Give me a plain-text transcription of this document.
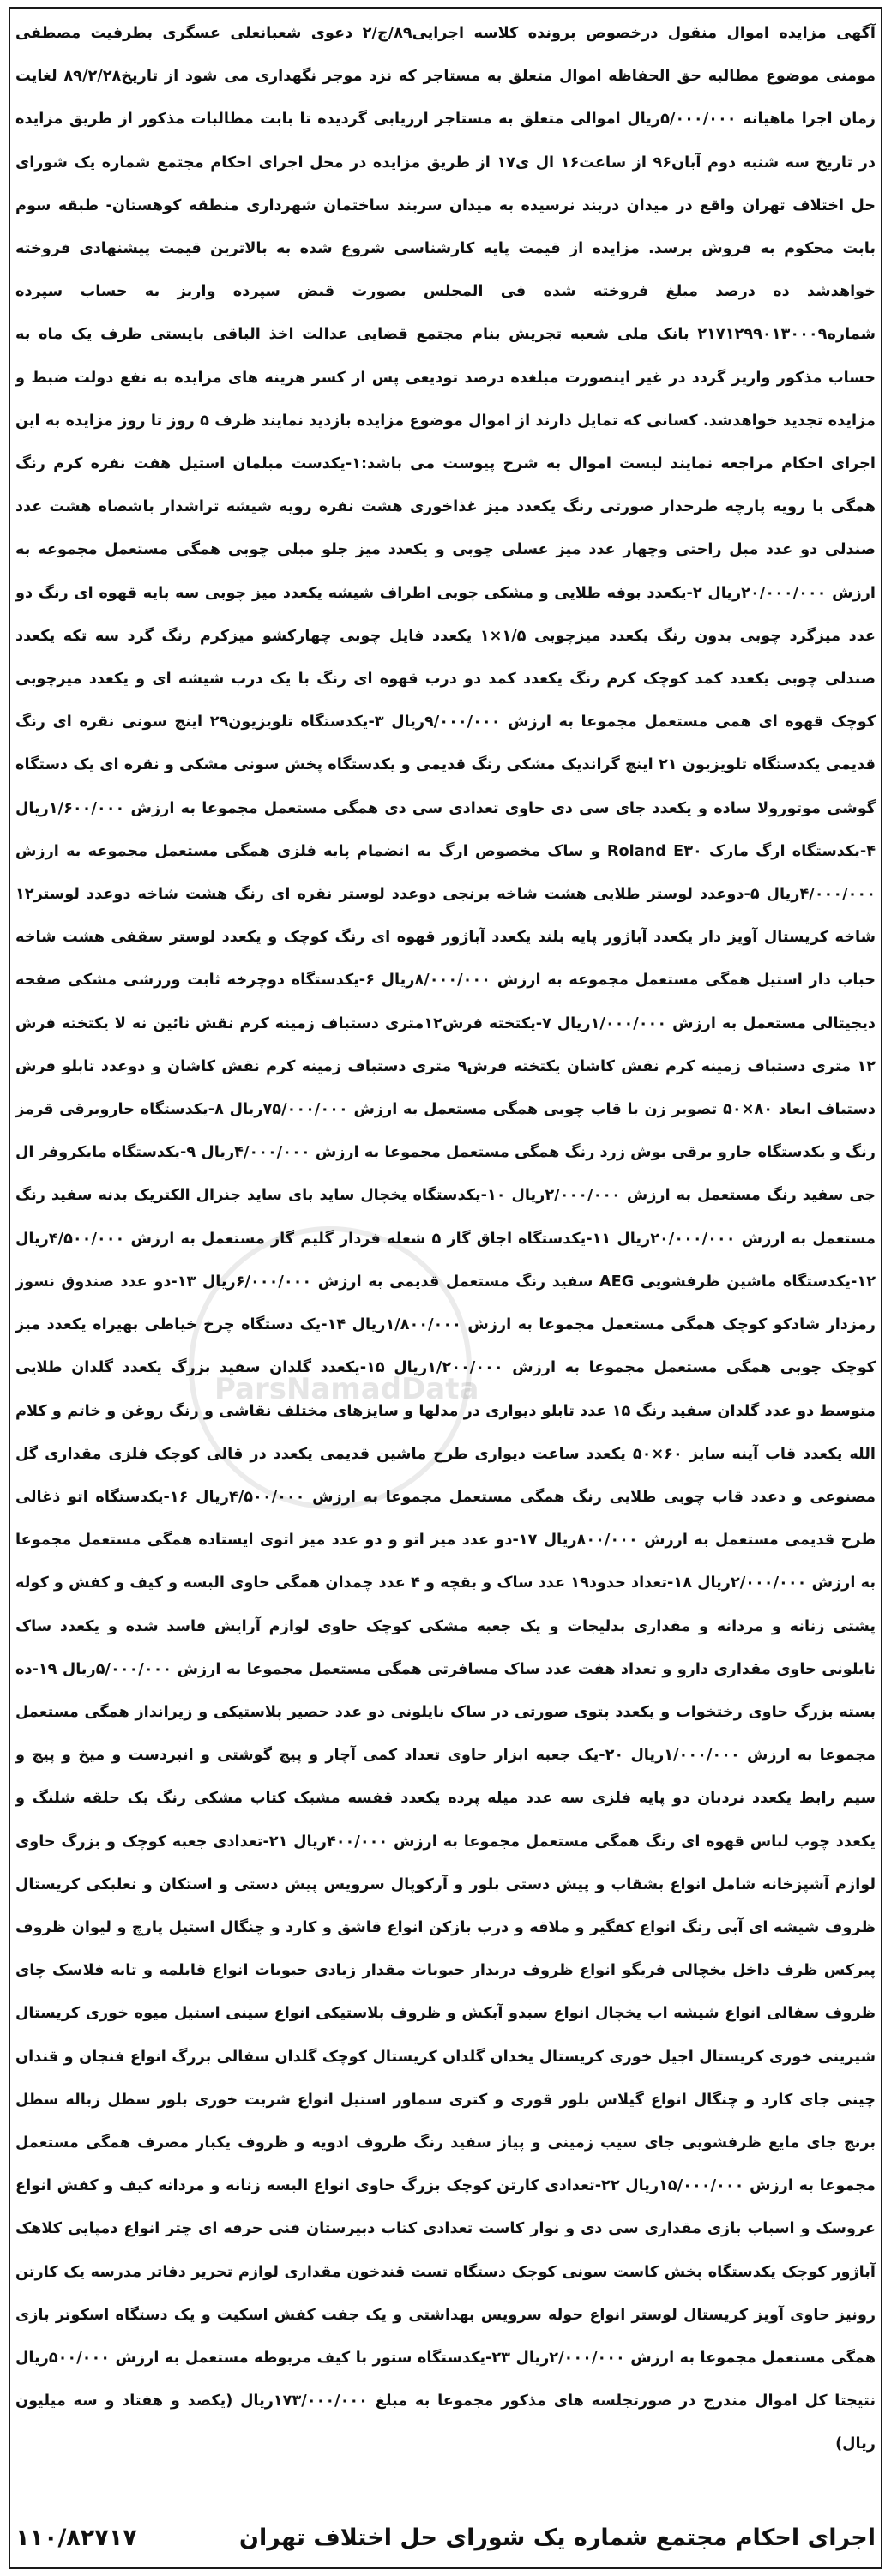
ParsNamadData

آگهی مزایده اموال منقول درخصوص پرونده کلاسه اجرایی۸۹/ج/۲ دعوی شعبانعلی عسگری بطرفیت مصطفی مومنی موضوع مطالبه حق الحفاظه اموال متعلق به مستاجر که نزد موجر نگهداری می شود از تاریخ۸۹/۲/۲۸ لغایت زمان اجرا ماهیانه ۵/۰۰۰/۰۰۰ریال اموالی متعلق به مستاجر ارزیابی گردیده تا بابت مطالبات مذکور از طریق مزایده در تاریخ سه شنبه دوم آبان۹۶ از ساعت۱۶ ال ی۱۷ از طریق مزایده در محل اجرای احکام مجتمع شماره یک شورای حل اختلاف تهران واقع در میدان دربند نرسیده به میدان سربند ساختمان شهرداری منطقه کوهستان- طبقه سوم بابت محکوم به فروش برسد. مزایده از قیمت پایه کارشناسی شروع شده به بالاترین قیمت پیشنهادی فروخته خواهدشد ده درصد مبلغ فروخته شده فی المجلس بصورت قبض سپرده واریز به حساب سپرده شماره۲۱۷۱۲۹۹۰۱۳۰۰۰۹ بانک ملی شعبه تجریش بنام مجتمع قضایی عدالت اخذ الباقی بایستی ظرف یک ماه به حساب مذکور واریز گردد در غیر اینصورت مبلغده درصد تودیعی پس از کسر هزینه های مزایده به نفع دولت ضبط و مزایده تجدید خواهدشد. کسانی که تمایل دارند از اموال موضوع مزایده بازدید نمایند ظرف ۵ روز تا روز مزایده به این اجرای احکام مراجعه نمایند لیست اموال به شرح پیوست می باشد:۱-یکدست مبلمان استیل هفت نفره کرم رنگ همگی با رویه پارچه طرحدار صورتی رنگ یکعدد میز غذاخوری هشت نفره رویه شیشه تراشدار باشصاه هشت عدد صندلی دو عدد مبل راحتی وچهار عدد میز عسلی چوبی و یکعدد میز جلو مبلی چوبی همگی مستعمل مجموعه به ارزش ۲۰/۰۰۰/۰۰۰ریال ۲-یکعدد بوفه طلایی و مشکی چوبی اطراف شیشه یکعدد میز چوبی سه پایه قهوه ای رنگ دو عدد میزگرد چوبی بدون رنگ یکعدد میزچوبی ۱/۵×۱ یکعدد فایل چوبی چهارکشو میزکرم رنگ گرد سه تکه یکعدد صندلی چوبی یکعدد کمد کوچک کرم رنگ یکعدد کمد دو درب قهوه ای رنگ با یک درب شیشه ای و یکعدد میزچوبی کوچک قهوه ای همی مستعمل مجموعا به ارزش ۹/۰۰۰/۰۰۰ریال ۳-یکدستگاه تلویزیون۲۹ اینچ سونی نقره ای رنگ قدیمی یکدستگاه تلویزیون ۲۱ اینچ گراندیک مشکی رنگ قدیمی و یکدستگاه پخش سونی مشکی و نقره ای یک دستگاه گوشی موتورولا ساده و یکعدد جای سی دی حاوی تعدادی سی دی همگی مستعمل مجموعا به ارزش ۱/۶۰۰/۰۰۰ریال ۴-یکدستگاه ارگ مارک Roland E۳۰ و ساک مخصوص ارگ به انضمام پایه فلزی همگی مستعمل مجموعه به ارزش ۴/۰۰۰/۰۰۰ریال ۵-دوعدد لوستر طلایی هشت شاخه برنجی دوعدد لوستر نقره ای رنگ هشت شاخه دوعدد لوستر۱۲ شاخه کریستال آویز دار یکعدد آباژور پایه بلند یکعدد آباژور قهوه ای رنگ کوچک و یکعدد لوستر سقفی هشت شاخه حباب دار استیل همگی مستعمل مجموعه به ارزش ۸/۰۰۰/۰۰۰ریال ۶-یکدستگاه دوچرخه ثابت ورزشی مشکی صفحه دیجیتالی مستعمل به ارزش ۱/۰۰۰/۰۰۰ریال ۷-یکتخته فرش۱۲متری دستباف زمینه کرم نقش نائین نه لا یکتخته فرش ۱۲ متری دستباف زمینه کرم نقش کاشان یکتخته فرش۹ متری دستباف زمینه کرم نقش کاشان و دوعدد تابلو فرش دستباف ابعاد ۸۰×۵۰ تصویر زن با قاب چوبی همگی مستعمل به ارزش ۷۵/۰۰۰/۰۰۰ریال ۸-یکدستگاه جاروبرقی قرمز رنگ و یکدستگاه جارو برقی بوش زرد رنگ همگی مستعمل مجموعا به ارزش ۴/۰۰۰/۰۰۰ریال ۹-یکدستگاه مایکروفر ال جی سفید رنگ مستعمل به ارزش ۲/۰۰۰/۰۰۰ریال ۱۰-یکدستگاه یخچال ساید بای ساید جنرال الکتریک بدنه سفید رنگ مستعمل به ارزش ۲۰/۰۰۰/۰۰۰ریال ۱۱-یکدستگاه اجاق گاز ۵ شعله فردار گلیم گاز مستعمل به ارزش ۴/۵۰۰/۰۰۰ریال ۱۲-یکدستگاه ماشین ظرفشویی AEG سفید رنگ مستعمل قدیمی به ارزش ۶/۰۰۰/۰۰۰ریال ۱۳-دو عدد صندوق نسوز رمزدار شادکو کوچک همگی مستعمل مجموعا به ارزش ۱/۸۰۰/۰۰۰ریال ۱۴-یک دستگاه چرخ خیاطی بهیراه یکعدد میز کوچک چوبی همگی مستعمل مجموعا به ارزش ۱/۲۰۰/۰۰۰ریال ۱۵-یکعدد گلدان سفید بزرگ یکعدد گلدان طلایی متوسط دو عدد گلدان سفید رنگ ۱۵ عدد تابلو دیواری در مدلها و سایزهای مختلف نقاشی و رنگ روغن و خاتم و کلام الله یکعدد قاب آینه سایز ۶۰×۵۰ یکعدد ساعت دیواری طرح ماشین قدیمی یکعدد در قالی کوچک فلزی مقداری گل مصنوعی و دعدد قاب چوبی طلایی رنگ همگی مستعمل مجموعا به ارزش ۴/۵۰۰/۰۰۰ریال ۱۶-یکدستگاه اتو ذغالی طرح قدیمی مستعمل به ارزش ۸۰۰/۰۰۰ریال ۱۷-دو عدد میز اتو و دو عدد میز اتوی ایستاده همگی مستعمل مجموعا به ارزش ۲/۰۰۰/۰۰۰ریال ۱۸-تعداد حدود۱۹ عدد ساک و بقچه و ۴ عدد چمدان همگی حاوی البسه و کیف و کفش و کوله پشتی زنانه و مردانه و مقداری بدلیجات و یک جعبه مشکی کوچک حاوی لوازم آرایش فاسد شده و یکعدد ساک نایلونی حاوی مقداری دارو و تعداد هفت عدد ساک مسافرتی همگی مستعمل مجموعا به ارزش ۵/۰۰۰/۰۰۰ریال ۱۹-ده بسته بزرگ حاوی رختخواب و یکعدد پتوی صورتی در ساک نایلونی دو عدد حصیر پلاستیکی و زیرانداز همگی مستعمل مجموعا به ارزش ۱/۰۰۰/۰۰۰ریال ۲۰-یک جعبه ابزار حاوی تعداد کمی آچار و پیچ گوشتی و انبردست و میخ و پیچ و سیم رابط یکعدد نردبان دو پایه فلزی سه عدد میله پرده یکعدد قفسه مشبک کتاب مشکی رنگ یک حلقه شلنگ و یکعدد چوب لباس قهوه ای رنگ همگی مستعمل مجموعا به ارزش ۴۰۰/۰۰۰ریال ۲۱-تعدادی جعبه کوچک و بزرگ حاوی لوازم آشپزخانه شامل انواع بشقاب و پیش دستی بلور و آرکوپال سرویس پیش دستی و استکان و نعلبکی کریستال ظروف شیشه ای آبی رنگ انواع کفگیر و ملاقه و درب بازکن انواع قاشق و کارد و چنگال استیل پارچ و لیوان ظروف پیرکس ظرف داخل یخچالی فریگو انواع ظروف دربدار حبوبات مقدار زیادی حبوبات انواع قابلمه و تابه فلاسک چای ظروف سفالی انواع شیشه اب یخچال انواع سبدو آبکش و ظروف پلاستیکی انواع سینی استیل میوه خوری کریستال شیرینی خوری کریستال اجیل خوری کریستال یخدان گلدان کریستال کوچک گلدان سفالی بزرگ انواع فنجان و قندان چینی جای کارد و چنگال انواع گیلاس بلور قوری و کتری سماور استیل انواع شربت خوری بلور سطل زباله سطل برنج جای مایع ظرفشویی جای سیب زمینی و پیاز سفید رنگ ظروف ادویه و ظروف یکبار مصرف همگی مستعمل مجموعا به ارزش ۱۵/۰۰۰/۰۰۰ریال ۲۲-تعدادی کارتن کوچک بزرگ حاوی انواع البسه زنانه و مردانه کیف و کفش انواع عروسک و اسباب بازی مقداری سی دی و نوار کاست تعدادی کتاب دبیرستان فنی حرفه ای چتر انواع دمپایی کلاهک آباژور کوچک یکدستگاه پخش کاست سونی کوچک دستگاه تست قندخون مقداری لوازم تحریر دفاتر مدرسه یک کارتن رونیز حاوی آویز کریستال لوستر انواع حوله سرویس بهداشتی و یک جفت کفش اسکیت و یک دستگاه اسکوتر بازی همگی مستعمل مجموعا به ارزش ۲/۰۰۰/۰۰۰ریال ۲۳-یکدستگاه ستور با کیف مربوطه مستعمل به ارزش ۵۰۰/۰۰۰ریال نتیجتا کل اموال مندرج در صورتجلسه های مذکور مجموعا به مبلغ ۱۷۳/۰۰۰/۰۰۰ریال (یکصد و هفتاد و سه میلیون ریال)

اجرای احکام مجتمع شماره یک شورای حل اختلاف تهران
۱۱۰/۸۲۷۱۷
